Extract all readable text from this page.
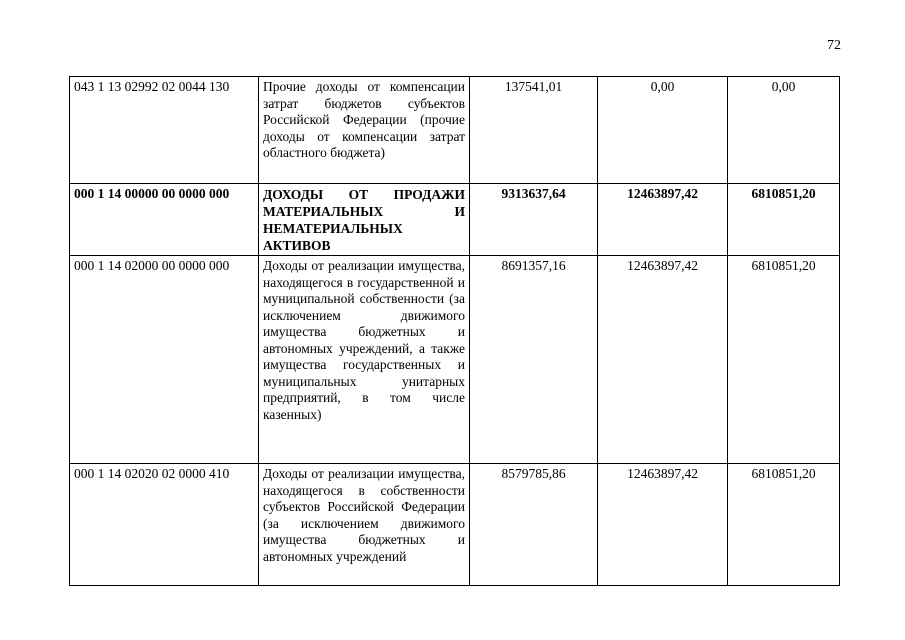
72
043 1 13 02992 02 0044 130	Прочие доходы от компенсации затрат бюджетов субъектов Российской Федерации (прочие доходы от компенсации затрат областного бюджета)	137541,01	0,00	0,00
000 1 14 00000 00 0000 000	ДОХОДЫ ОТ ПРОДАЖИ МАТЕРИАЛЬНЫХ И НЕМАТЕРИАЛЬНЫХ АКТИВОВ	9313637,64	12463897,42	6810851,20
000 1 14 02000 00 0000 000	Доходы от реализации имущества, находящегося в государственной и муниципальной собственности (за исключением движимого имущества бюджетных и автономных учреждений, а также имущества государственных и муниципальных унитарных предприятий, в том числе казенных)	8691357,16	12463897,42	6810851,20
000 1 14 02020 02 0000 410	Доходы от реализации имущества, находящегося в собственности субъектов Российской Федерации (за исключением движимого имущества бюджетных и автономных учреждений	8579785,86	12463897,42	6810851,20
